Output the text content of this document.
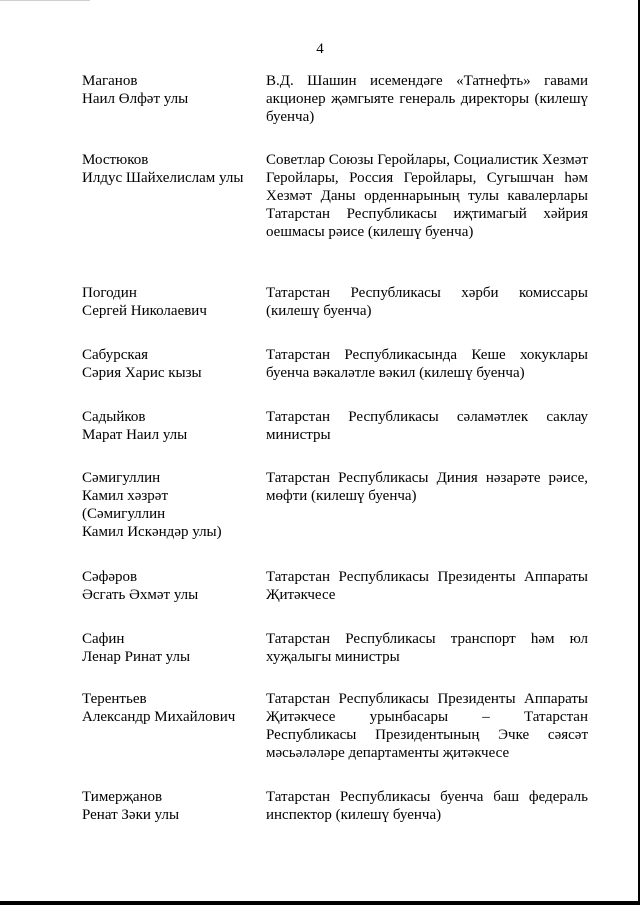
4
Маганов
Наил Өлфәт улы
В.Д. Шашин исемендәге «Татнефть» гавами акционер җәмгыяте генераль директоры (килешү буенча)
Мостюков
Илдус Шайхелислам улы
Советлар Союзы Геройлары, Социалистик Хезмәт Геройлары, Россия Геройлары, Сугышчан һәм Хезмәт Даны орденнарының тулы кавалерлары Татарстан Республикасы иҗтимагый хәйрия оешмасы рәисе (килешү буенча)
Погодин
Сергей Николаевич
Татарстан Республикасы хәрби комиссары (килешү буенча)
Сабурская
Сәрия Харис кызы
Татарстан Республикасында Кеше хокуклары буенча вәкаләтле вәкил (килешү буенча)
Садыйков
Марат Наил улы
Татарстан Республикасы сәламәтлек саклау министры
Сәмигуллин
Камил хәзрәт
(Сәмигуллин
Камил Искәндәр улы)
Татарстан Республикасы Диния нәзарәте рәисе, мөфти (килешү буенча)
Сәфәров
Әсгать Әхмәт улы
Татарстан Республикасы Президенты Аппараты Җитәкчесе
Сафин
Ленар Ринат улы
Татарстан Республикасы транспорт һәм юл хуҗалыгы министры
Терентьев
Александр Михайлович
Татарстан Республикасы Президенты Аппараты Җитәкчесе урынбасары – Татарстан Республикасы Президентының Эчке сәясәт мәсьәләләре департаменты җитәкчесе
Тимерҗанов
Ренат Зәки улы
Татарстан Республикасы буенча баш федераль инспектор (килешү буенча)
